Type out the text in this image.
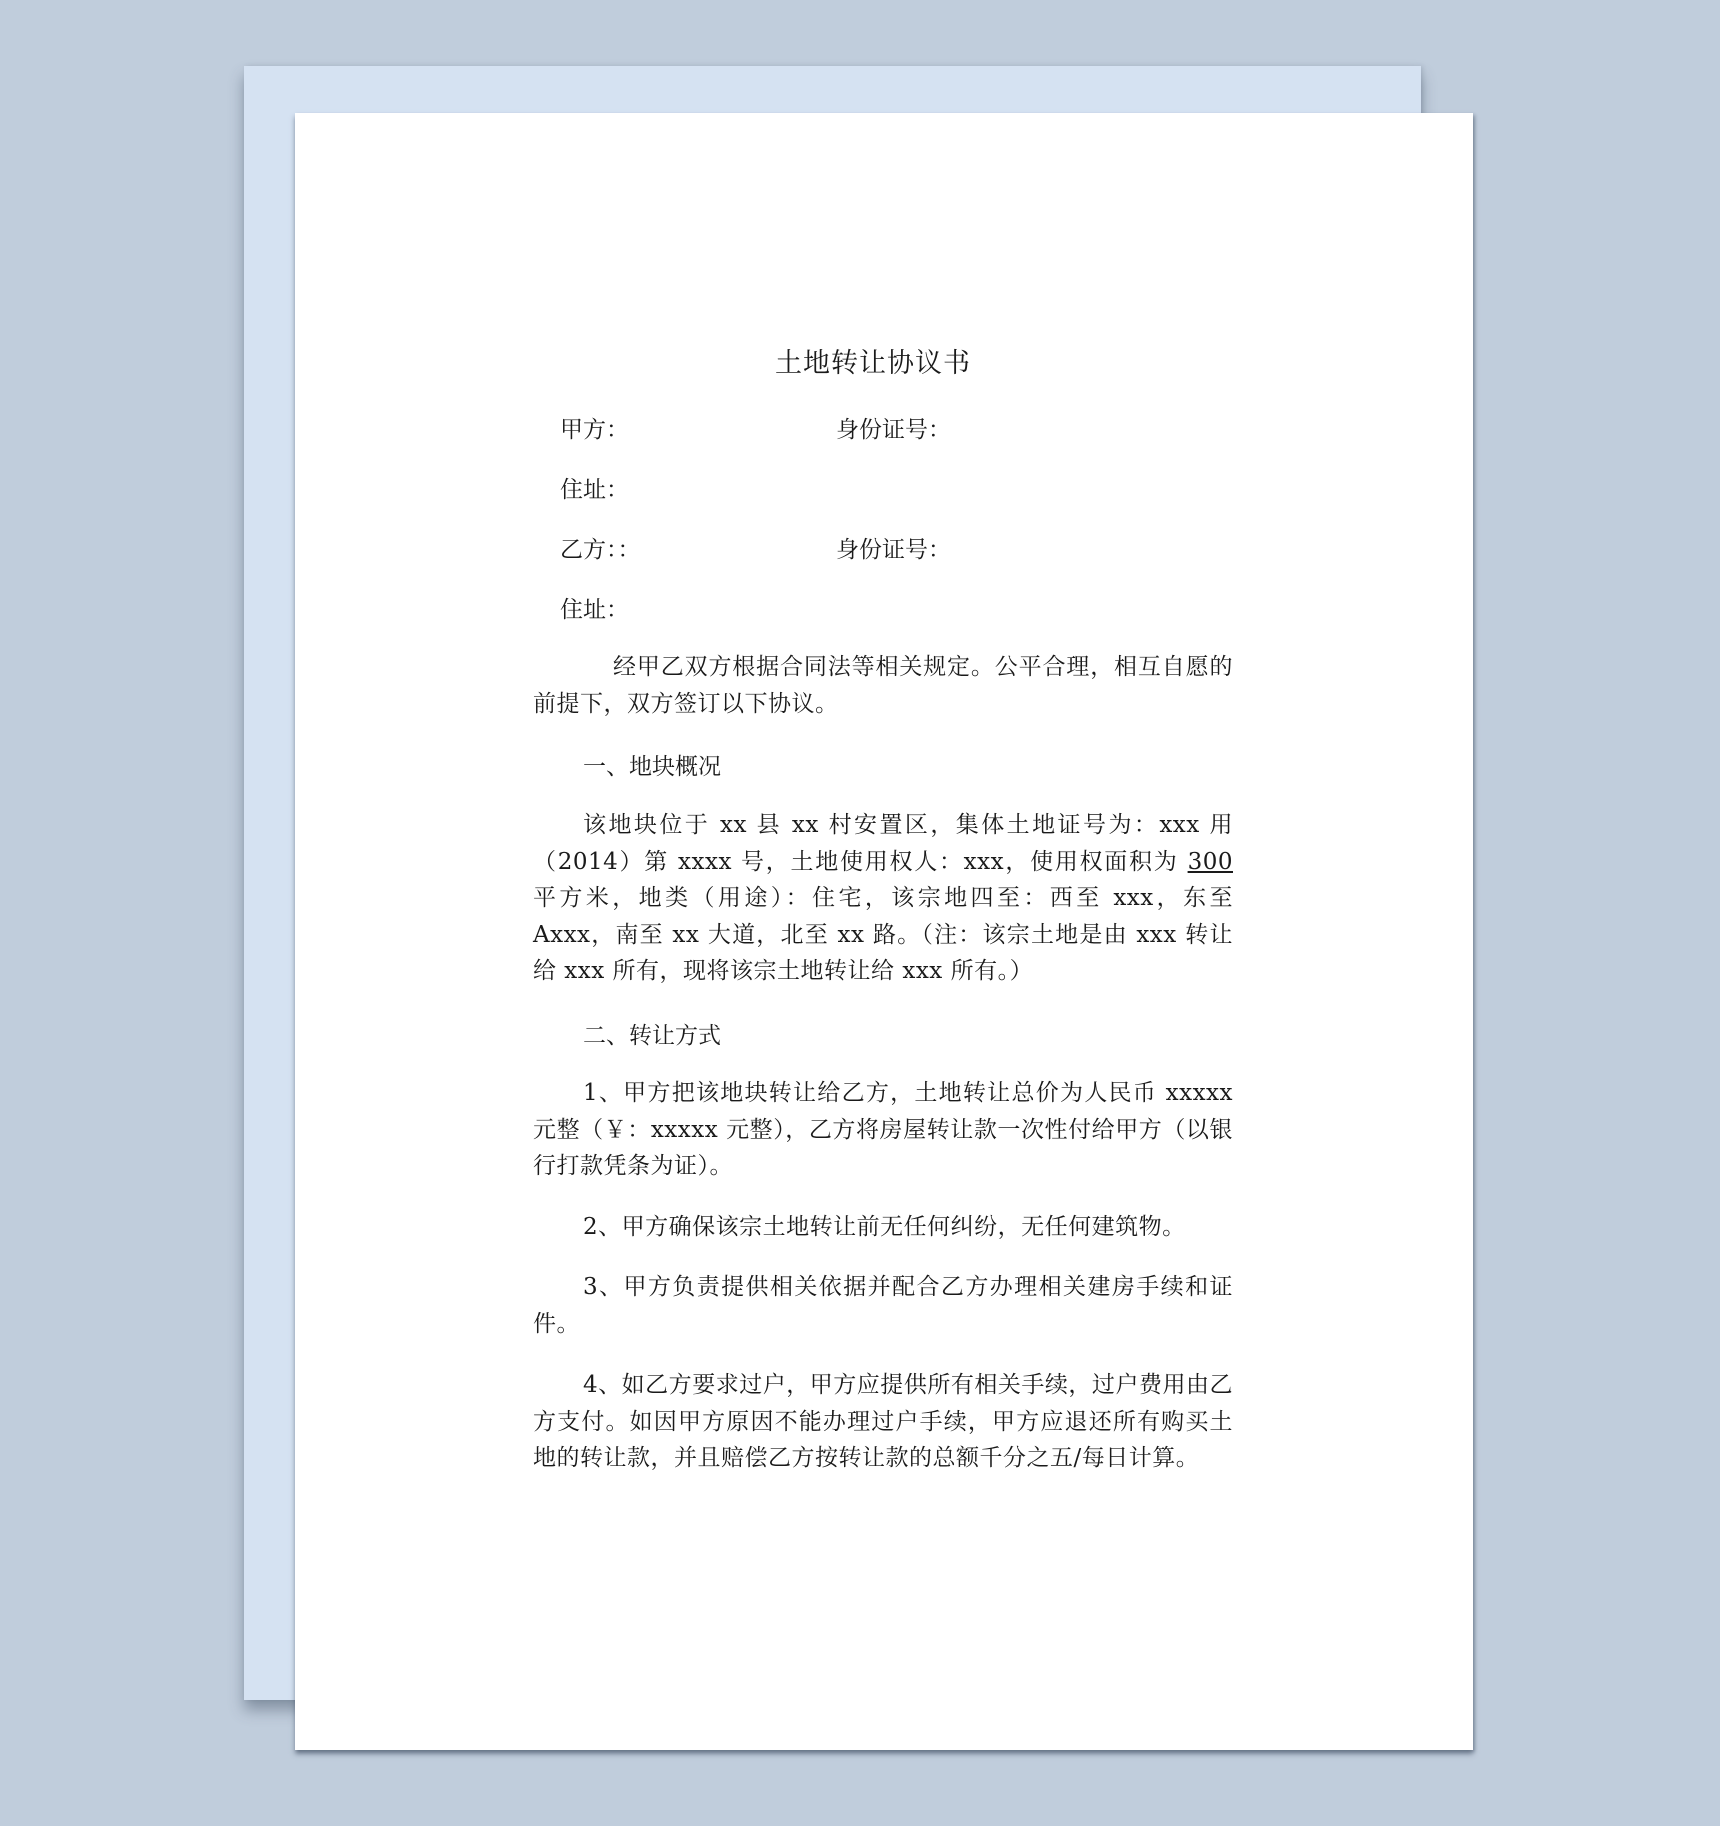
土地转让协议书
甲方：	身份证号：
住址：
乙方：：	身份证号：
住址：
经甲乙双方根据合同法等相关规定。公平合理，相互自愿的前提下，双方签订以下协议。
一、地块概况
该地块位于 xx 县 xx 村安置区，集体土地证号为：xxx 用（2014）第 xxxx 号，土地使用权人：xxx，使用权面积为 300 平方米，地类（用途）：住宅，该宗地四至：西至 xxx，东至 Axxx，南至 xx 大道，北至 xx 路。（注：该宗土地是由 xxx 转让给 xxx 所有，现将该宗土地转让给 xxx 所有。）
二、转让方式
1、甲方把该地块转让给乙方，土地转让总价为人民币 xxxxx 元整（￥：xxxxx 元整），乙方将房屋转让款一次性付给甲方（以银行打款凭条为证）。
2、甲方确保该宗土地转让前无任何纠纷，无任何建筑物。
3、甲方负责提供相关依据并配合乙方办理相关建房手续和证件。
4、如乙方要求过户，甲方应提供所有相关手续，过户费用由乙方支付。如因甲方原因不能办理过户手续，甲方应退还所有购买土地的转让款，并且赔偿乙方按转让款的总额千分之五/每日计算。
